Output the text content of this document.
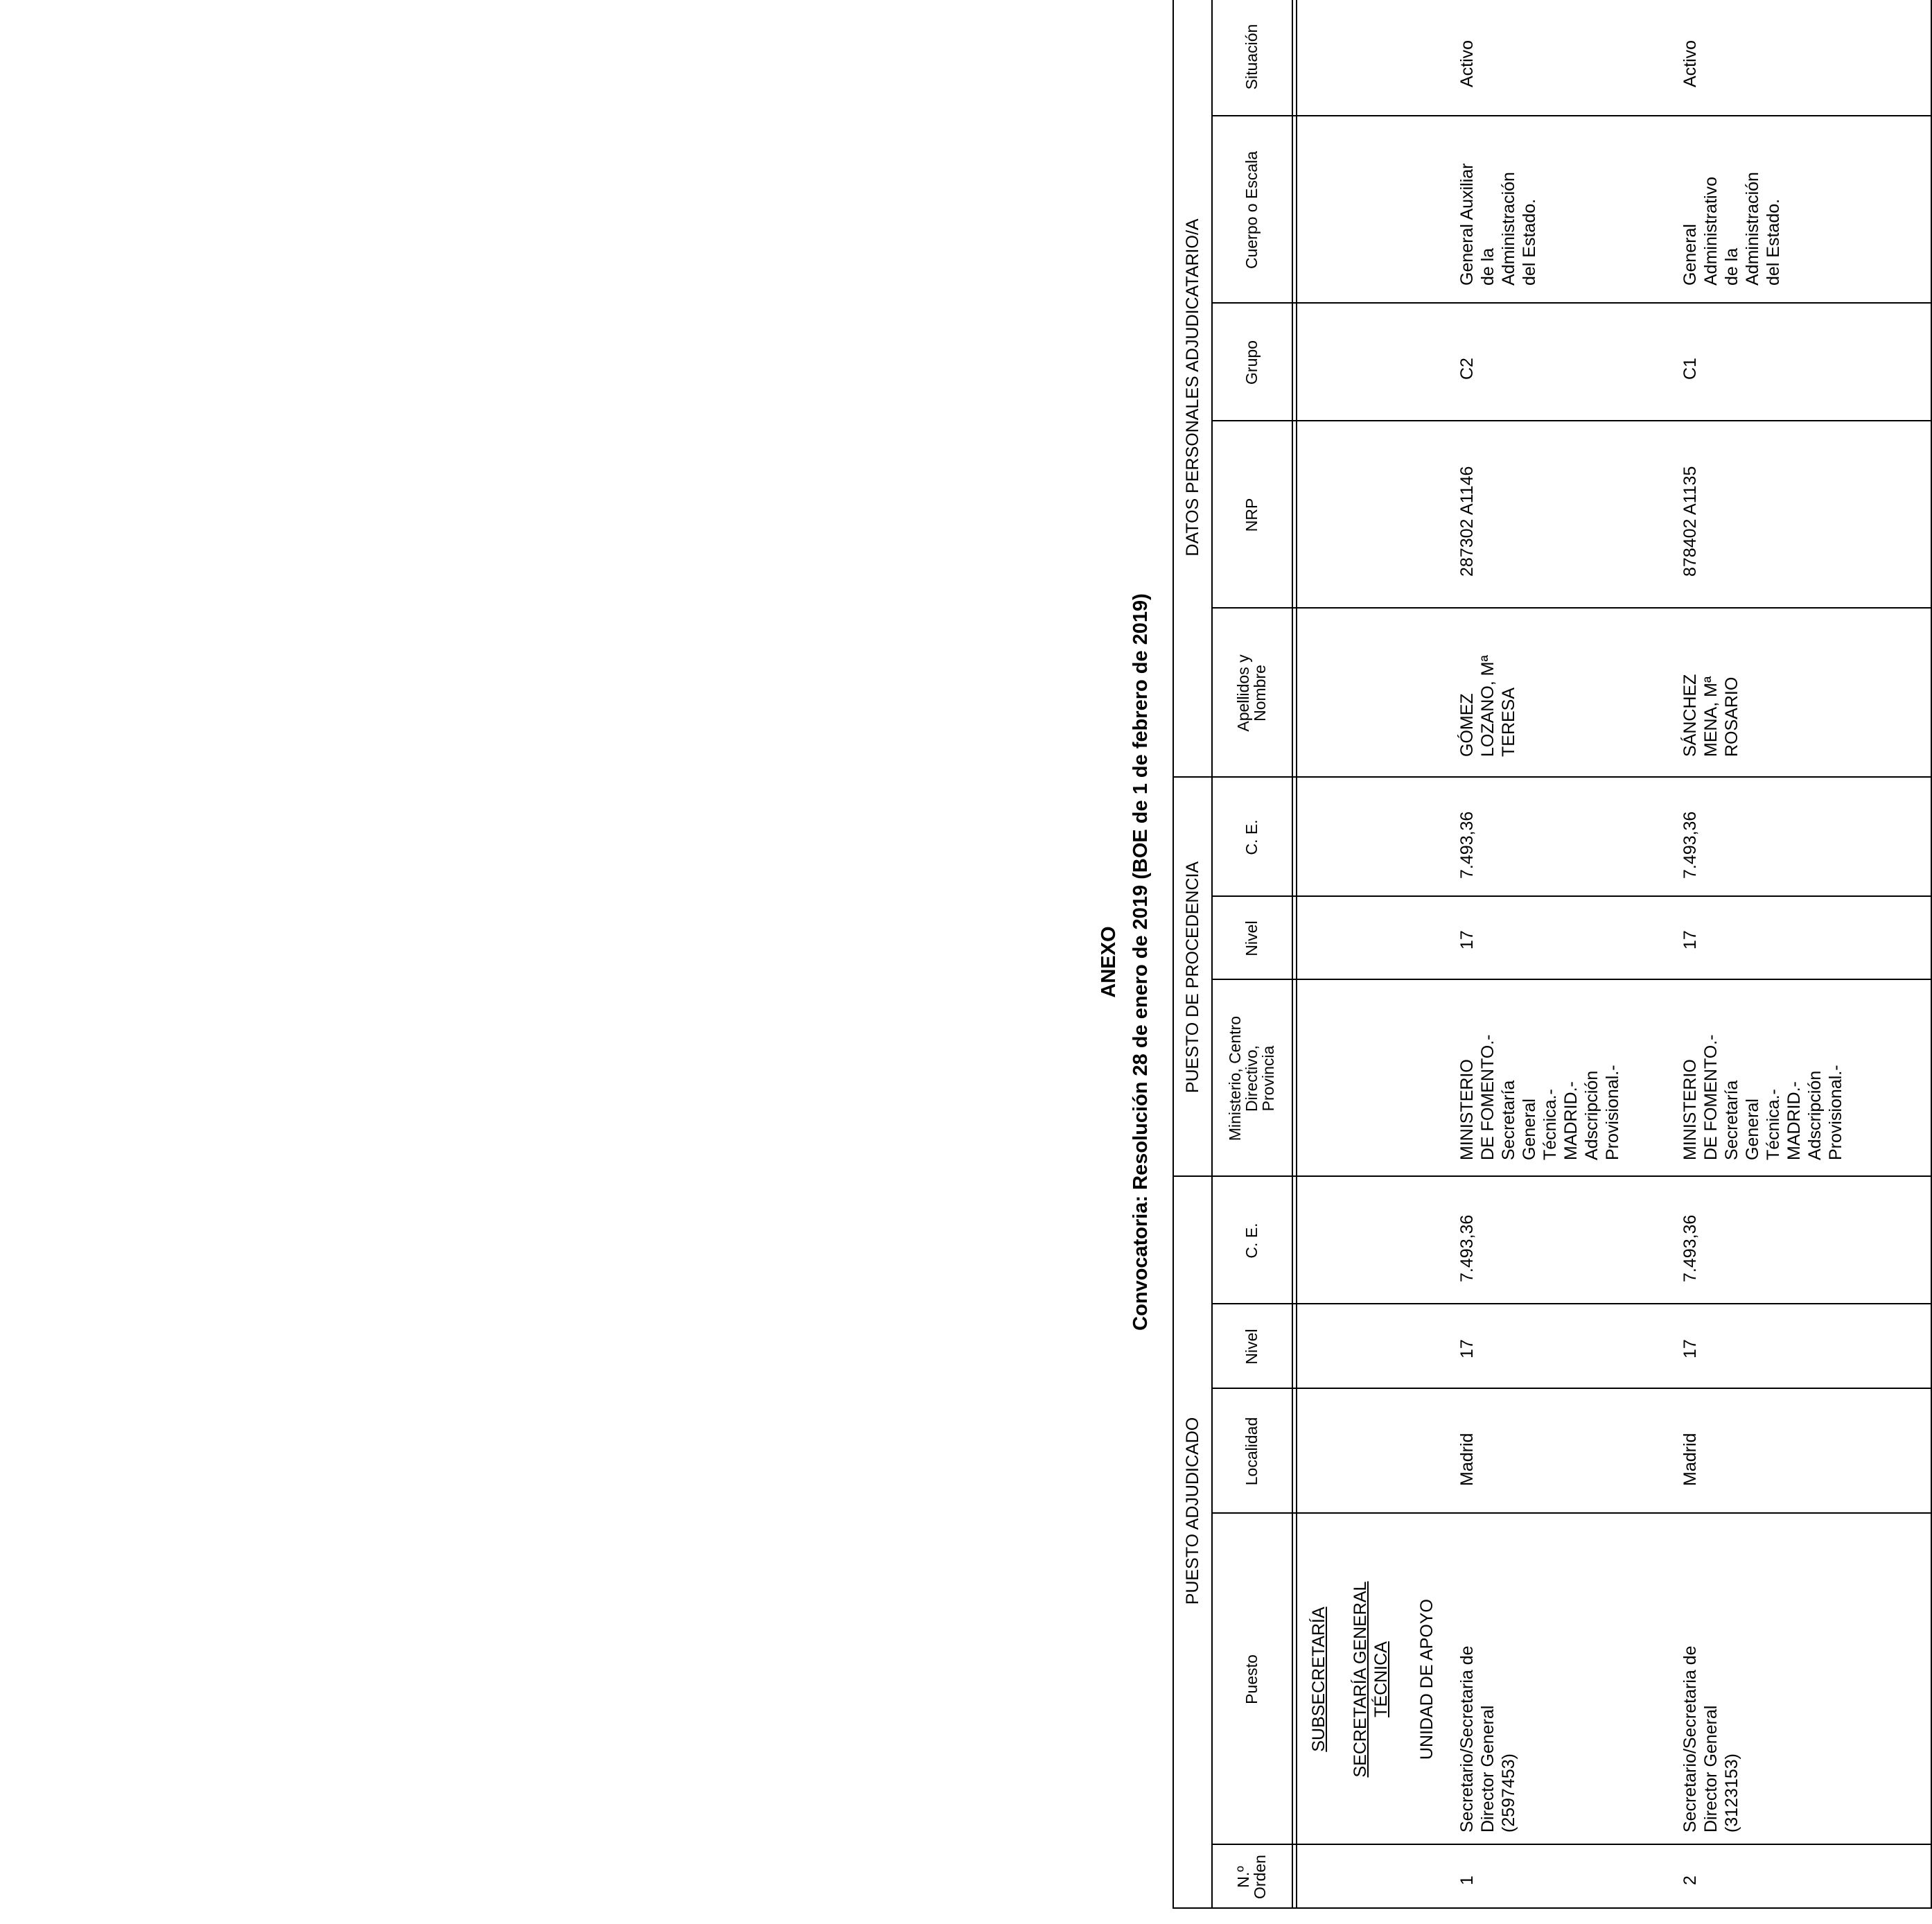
ANEXO Convocatoria: Resolución 28 de enero de 2019 (BOE de 1 de febrero de 2019)
PUESTO ADJUDICADO
PUESTO DE PROCEDENCIA
DATOS PERSONALES ADJUDICATARIO/A
N.º
Orden
Puesto
Localidad
Nivel
C. E.
Ministerio, Centro
Directivo,
Provincia
Nivel
C. E.
Apellidos y
Nombre
NRP
Grupo
Cuerpo o Escala
Situación
SUBSECRETARÍA SECRETARÍA GENERAL TÉCNICA UNIDAD DE APOYO
1
Secretario/Secretaria de Director General (2597453)
Madrid
17
7.493,36
MINISTERIO DE FOMENTO.- Secretaría General Técnica.- MADRID.- Adscripción Provisional.-
17
7.493,36
GÓMEZ LOZANO, Mª TERESA
287302 A1146
C2
General Auxiliar de la Administración del Estado.
Activo
2
Secretario/Secretaria de Director General (3123153)
Madrid
17
7.493,36
MINISTERIO DE FOMENTO.- Secretaría General Técnica.- MADRID.- Adscripción Provisional.-
17
7.493,36
SÁNCHEZ MENA, Mª ROSARIO
878402 A1135
C1
General Administrativo de la Administración del Estado.
Activo
